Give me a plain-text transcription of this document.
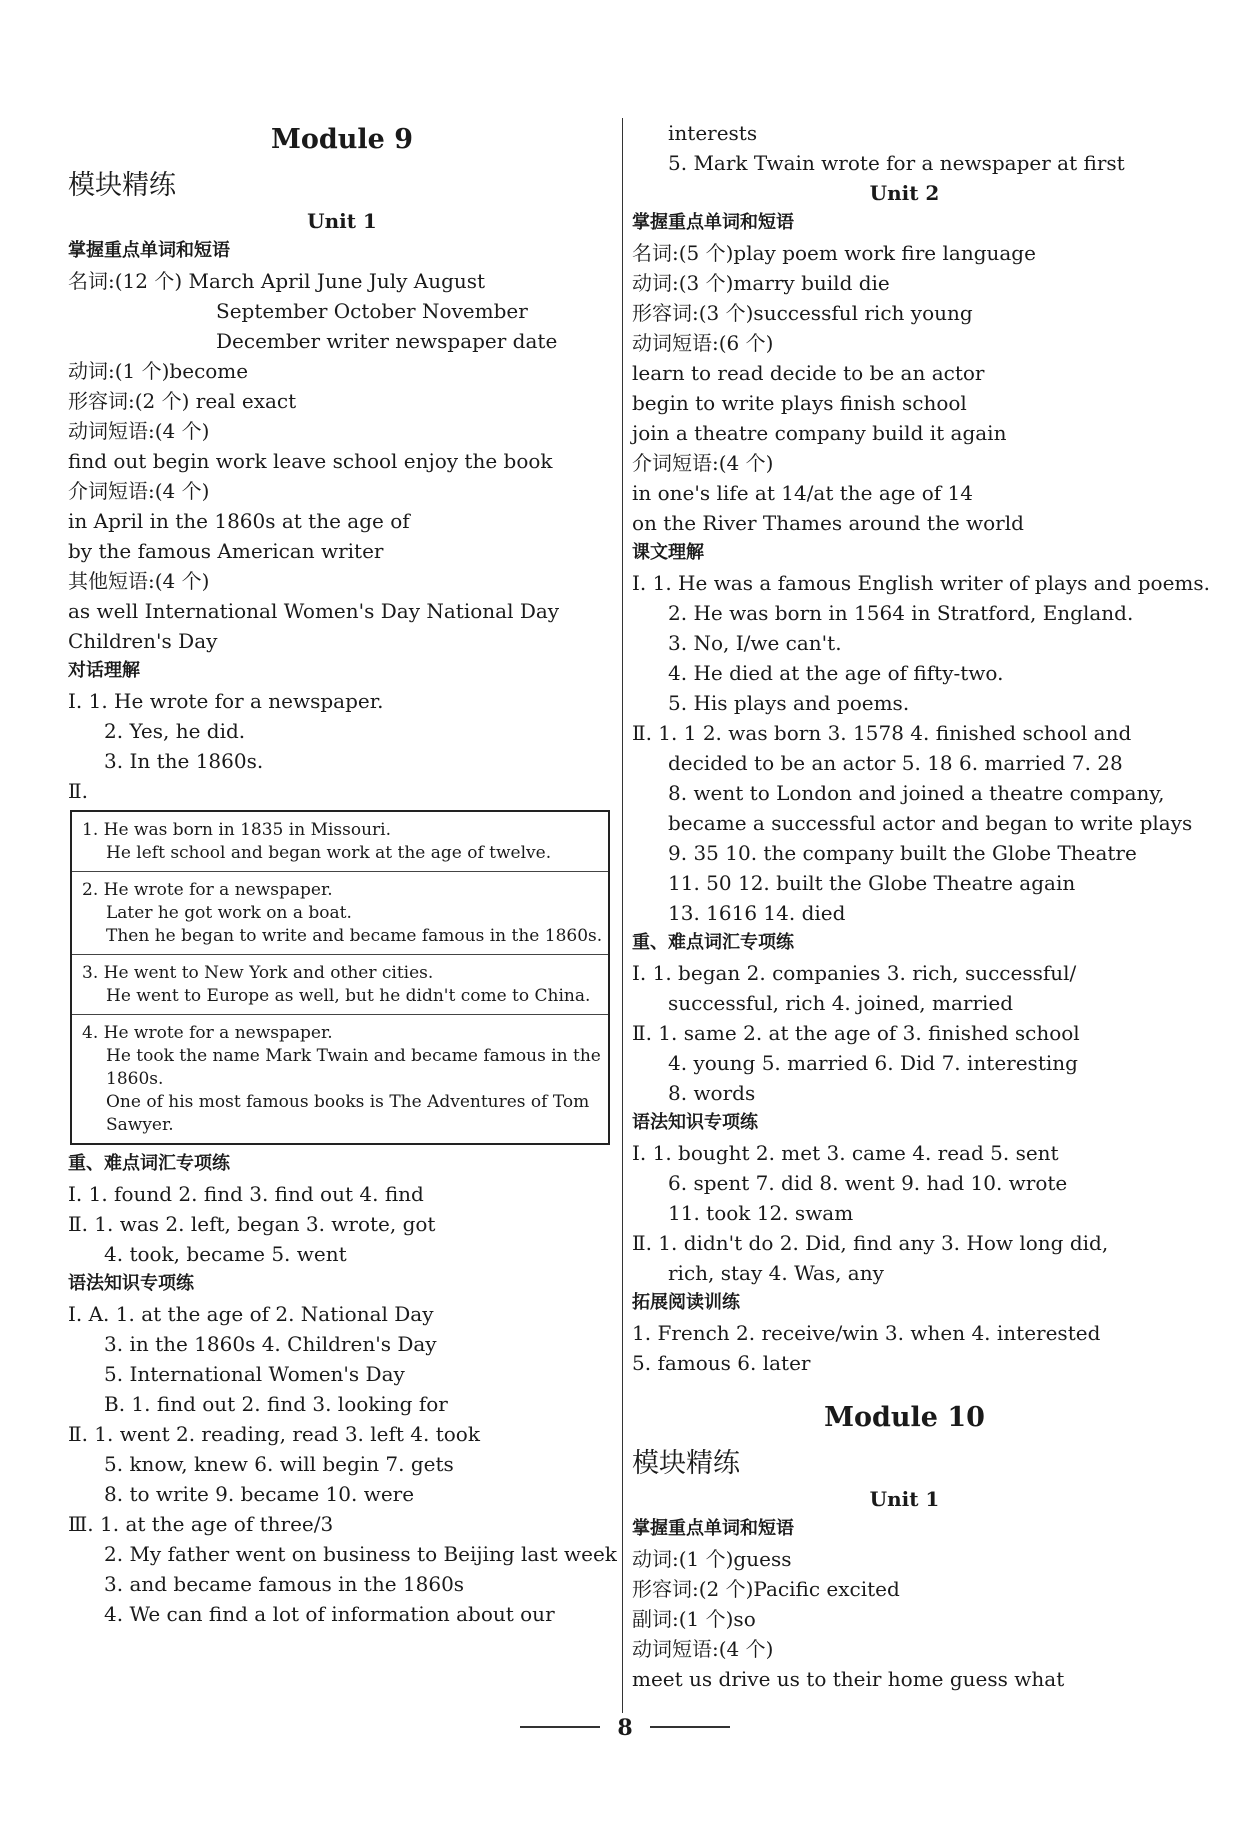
Module 9
模块精练
Unit 1
掌握重点单词和短语
名词:(12 个) March April June July August
September October November
December writer newspaper date
动词:(1 个)become
形容词:(2 个) real exact
动词短语:(4 个)
find out begin work leave school enjoy the book
介词短语:(4 个)
in April in the 1860s at the age of
by the famous American writer
其他短语:(4 个)
as well International Women's Day National Day
Children's Day
对话理解
Ⅰ. 1. He wrote for a newspaper.
2. Yes, he did.
3. In the 1860s.
Ⅱ.
1. He was born in 1835 in Missouri.
He left school and began work at the age of twelve.
2. He wrote for a newspaper.
Later he got work on a boat.
Then he began to write and became famous in the 1860s.
3. He went to New York and other cities.
He went to Europe as well, but he didn't come to China.
4. He wrote for a newspaper.
He took the name Mark Twain and became famous in the
1860s.
One of his most famous books is The Adventures of Tom
Sawyer.
重、难点词汇专项练
Ⅰ. 1. found 2. find 3. find out 4. find
Ⅱ. 1. was 2. left, began 3. wrote, got
4. took, became 5. went
语法知识专项练
Ⅰ. A. 1. at the age of 2. National Day
3. in the 1860s 4. Children's Day
5. International Women's Day
B. 1. find out 2. find 3. looking for
Ⅱ. 1. went 2. reading, read 3. left 4. took
5. know, knew 6. will begin 7. gets
8. to write 9. became 10. were
Ⅲ. 1. at the age of three/3
2. My father went on business to Beijing last week
3. and became famous in the 1860s
4. We can find a lot of information about our
interests
5. Mark Twain wrote for a newspaper at first
Unit 2
掌握重点单词和短语
名词:(5 个)play poem work fire language
动词:(3 个)marry build die
形容词:(3 个)successful rich young
动词短语:(6 个)
learn to read decide to be an actor
begin to write plays finish school
join a theatre company build it again
介词短语:(4 个)
in one's life at 14/at the age of 14
on the River Thames around the world
课文理解
Ⅰ. 1. He was a famous English writer of plays and poems.
2. He was born in 1564 in Stratford, England.
3. No, I/we can't.
4. He died at the age of fifty-two.
5. His plays and poems.
Ⅱ. 1. 1 2. was born 3. 1578 4. finished school and
decided to be an actor 5. 18 6. married 7. 28
8. went to London and joined a theatre company,
became a successful actor and began to write plays
9. 35 10. the company built the Globe Theatre
11. 50 12. built the Globe Theatre again
13. 1616 14. died
重、难点词汇专项练
Ⅰ. 1. began 2. companies 3. rich, successful/
successful, rich 4. joined, married
Ⅱ. 1. same 2. at the age of 3. finished school
4. young 5. married 6. Did 7. interesting
8. words
语法知识专项练
Ⅰ. 1. bought 2. met 3. came 4. read 5. sent
6. spent 7. did 8. went 9. had 10. wrote
11. took 12. swam
Ⅱ. 1. didn't do 2. Did, find any 3. How long did,
rich, stay 4. Was, any
拓展阅读训练
1. French 2. receive/win 3. when 4. interested
5. famous 6. later
Module 10
模块精练
Unit 1
掌握重点单词和短语
动词:(1 个)guess
形容词:(2 个)Pacific excited
副词:(1 个)so
动词短语:(4 个)
meet us drive us to their home guess what
8
